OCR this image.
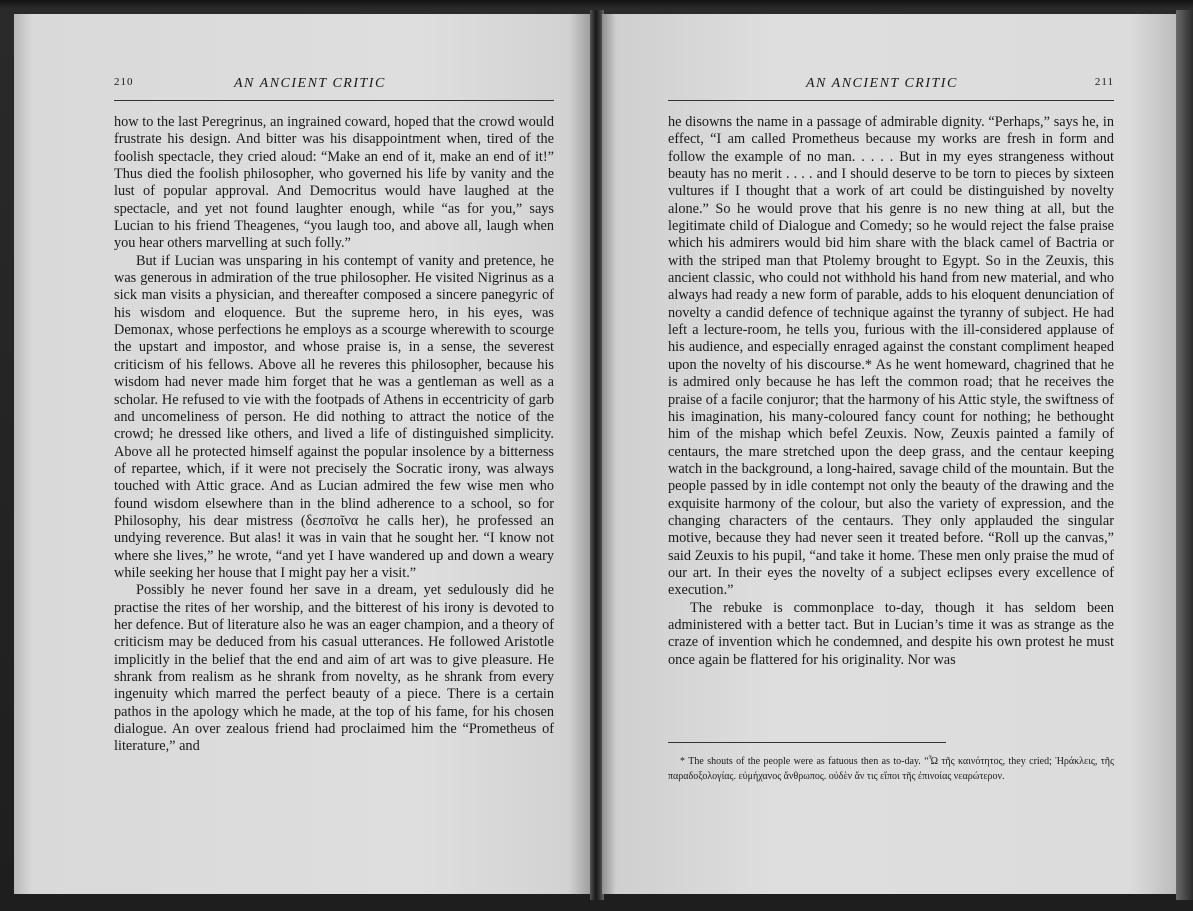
210	AN ANCIENT CRITIC

how to the last Peregrinus, an ingrained coward, hoped that the crowd would frustrate his design. And bitter was his disappointment when, tired of the foolish spectacle, they cried aloud: “Make an end of it, make an end of it!” Thus died the foolish philosopher, who governed his life by vanity and the lust of popular approval. And Democritus would have laughed at the spectacle, and yet not found laughter enough, while “as for you,” says Lucian to his friend Theagenes, “you laugh too, and above all, laugh when you hear others marvelling at such folly.”

But if Lucian was unsparing in his contempt of vanity and pretence, he was generous in admiration of the true philosopher. He visited Nigrinus as a sick man visits a physician, and thereafter composed a sincere panegyric of his wisdom and eloquence. But the supreme hero, in his eyes, was Demonax, whose perfections he employs as a scourge wherewith to scourge the upstart and impostor, and whose praise is, in a sense, the severest criticism of his fellows. Above all he reveres this philosopher, because his wisdom had never made him forget that he was a gentleman as well as a scholar. He refused to vie with the footpads of Athens in eccentricity of garb and uncomeliness of person. He did nothing to attract the notice of the crowd; he dressed like others, and lived a life of distinguished simplicity. Above all he protected himself against the popular insolence by a bitterness of repartee, which, if it were not precisely the Socratic irony, was always touched with Attic grace. And as Lucian admired the few wise men who found wisdom elsewhere than in the blind adherence to a school, so for Philosophy, his dear mistress (δεσποῖνα he calls her), he professed an undying reverence. But alas! it was in vain that he sought her. “I know not where she lives,” he wrote, “and yet I have wandered up and down a weary while seeking her house that I might pay her a visit.”

Possibly he never found her save in a dream, yet sedulously did he practise the rites of her worship, and the bitterest of his irony is devoted to her defence. But of literature also he was an eager champion, and a theory of criticism may be deduced from his casual utterances. He followed Aristotle implicitly in the belief that the end and aim of art was to give pleasure. He shrank from realism as he shrank from novelty, as he shrank from every ingenuity which marred the perfect beauty of a piece. There is a certain pathos in the apology which he made, at the top of his fame, for his chosen dialogue. An over zealous friend had proclaimed him the “Prometheus of literature,” and

AN ANCIENT CRITIC	211

he disowns the name in a passage of admirable dignity. “Perhaps,” says he, in effect, “I am called Prometheus because my works are fresh in form and follow the example of no man. . . . . But in my eyes strangeness without beauty has no merit . . . . and I should deserve to be torn to pieces by sixteen vultures if I thought that a work of art could be distinguished by novelty alone.” So he would prove that his genre is no new thing at all, but the legitimate child of Dialogue and Comedy; so he would reject the false praise which his admirers would bid him share with the black camel of Bactria or with the striped man that Ptolemy brought to Egypt. So in the Zeuxis, this ancient classic, who could not withhold his hand from new material, and who always had ready a new form of parable, adds to his eloquent denunciation of novelty a candid defence of technique against the tyranny of subject. He had left a lecture-room, he tells you, furious with the ill-considered applause of his audience, and especially enraged against the constant compliment heaped upon the novelty of his discourse.* As he went homeward, chagrined that he is admired only because he has left the common road; that he receives the praise of a facile conjuror; that the harmony of his Attic style, the swiftness of his imagination, his many-coloured fancy count for nothing; he bethought him of the mishap which befel Zeuxis. Now, Zeuxis painted a family of centaurs, the mare stretched upon the deep grass, and the centaur keeping watch in the background, a long-haired, savage child of the mountain. But the people passed by in idle contempt not only the beauty of the drawing and the exquisite harmony of the colour, but also the variety of expression, and the changing characters of the centaurs. They only applauded the singular motive, because they had never seen it treated before. “Roll up the canvas,” said Zeuxis to his pupil, “and take it home. These men only praise the mud of our art. In their eyes the novelty of a subject eclipses every excellence of execution.”

The rebuke is commonplace to-day, though it has seldom been administered with a better tact. But in Lucian’s time it was as strange as the craze of invention which he condemned, and despite his own protest he must once again be flattered for his originality. Nor was

* The shouts of the people were as fatuous then as to-day. “Ὦ τῆς καινότητος, they cried; Ἡράκλεις, τῆς παραδοξολογίας. εὐμήχανος ἄνθρωπος. οὐδὲν ἄν τις εἴποι τῆς ἐπινοίας νεαρώτερον.
